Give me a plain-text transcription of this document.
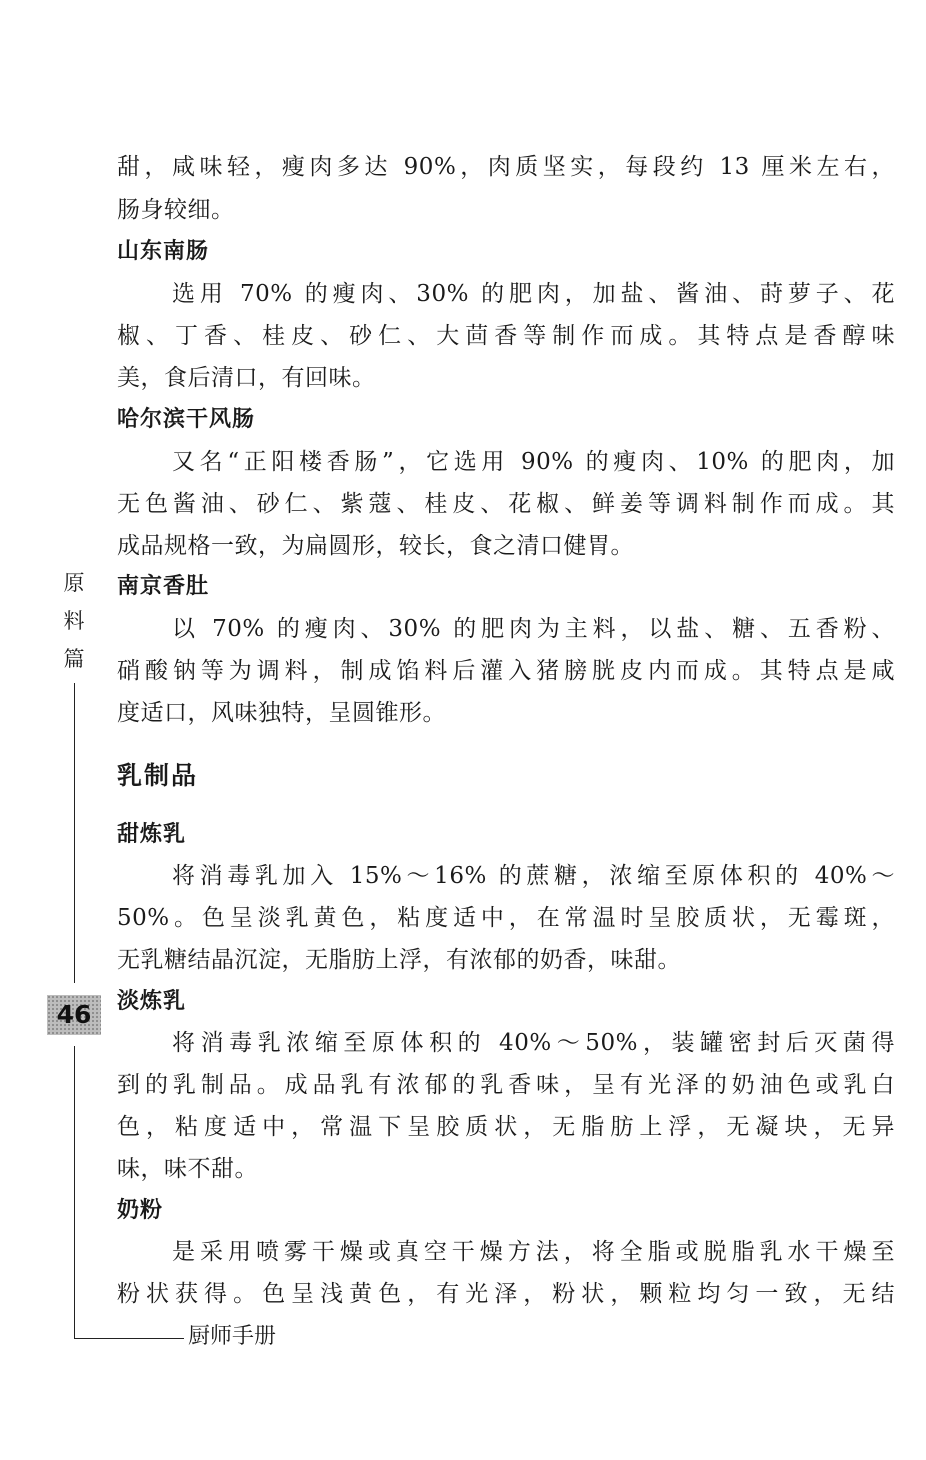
甜，咸味轻，瘦肉多达 90%，肉质坚实，每段约 13 厘米左右，
肠身较细。
山东南肠
选用 70% 的瘦肉、30% 的肥肉，加盐、酱油、莳萝子、花
椒、丁香、桂皮、砂仁、大茴香等制作而成。其特点是香醇味
美，食后清口，有回味。
哈尔滨干风肠
又名“正阳楼香肠”，它选用 90% 的瘦肉、10% 的肥肉，加
无色酱油、砂仁、紫蔻、桂皮、花椒、鲜姜等调料制作而成。其
成品规格一致，为扁圆形，较长，食之清口健胃。
南京香肚
以 70% 的瘦肉、30% 的肥肉为主料，以盐、糖、五香粉、
硝酸钠等为调料，制成馅料后灌入猪膀胱皮内而成。其特点是咸
度适口，风味独特，呈圆锥形。
乳制品
甜炼乳
将消毒乳加入 15%～16% 的蔗糖，浓缩至原体积的 40%～
50%。色呈淡乳黄色，粘度适中，在常温时呈胶质状，无霉斑，
无乳糖结晶沉淀，无脂肪上浮，有浓郁的奶香，味甜。
淡炼乳
将消毒乳浓缩至原体积的 40%～50%，装罐密封后灭菌得
到的乳制品。成品乳有浓郁的乳香味，呈有光泽的奶油色或乳白
色，粘度适中，常温下呈胶质状，无脂肪上浮，无凝块，无异
味，味不甜。
奶粉
是采用喷雾干燥或真空干燥方法，将全脂或脱脂乳水干燥至
粉状获得。色呈浅黄色，有光泽，粉状，颗粒均匀一致，无结
原
料
篇
46
厨师手册
